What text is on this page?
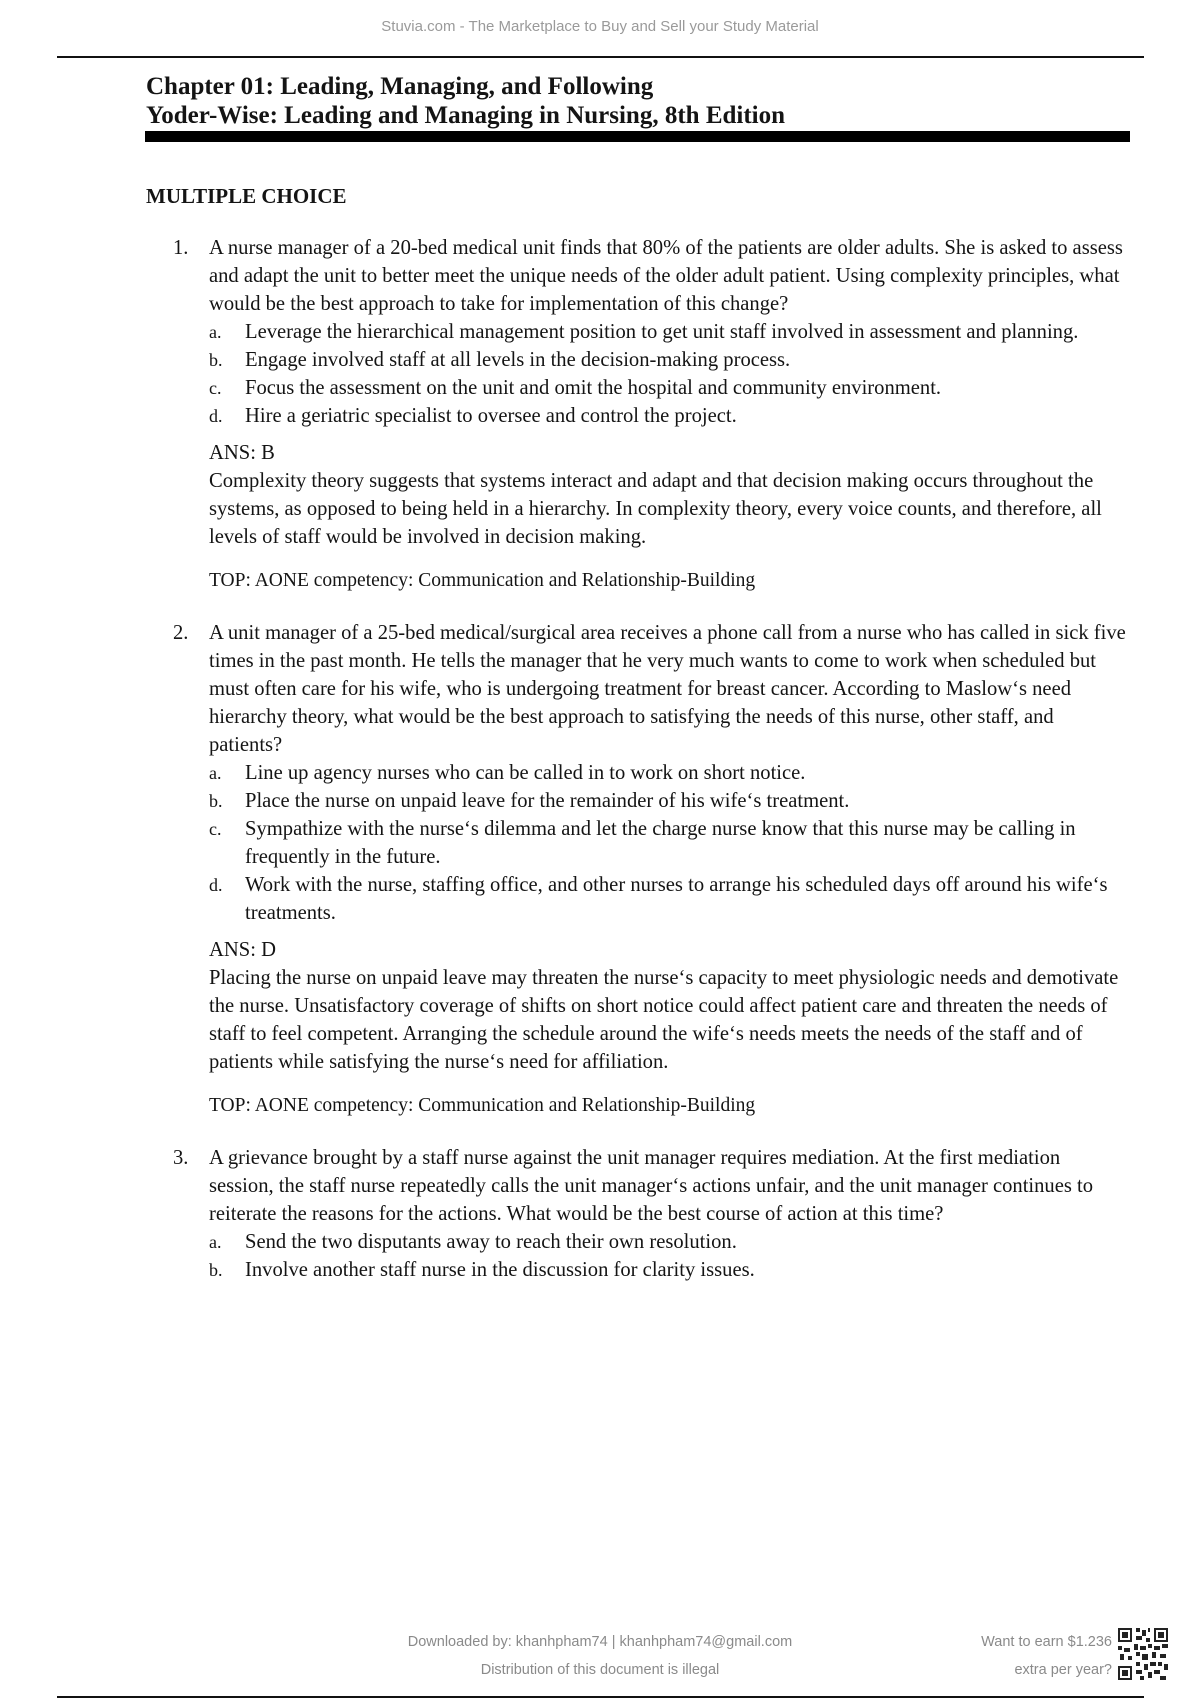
Stuvia.com - The Marketplace to Buy and Sell your Study Material
Chapter 01: Leading, Managing, and Following
Yoder-Wise: Leading and Managing in Nursing, 8th Edition
MULTIPLE CHOICE
1. A nurse manager of a 20-bed medical unit finds that 80% of the patients are older adults. She is asked to assess and adapt the unit to better meet the unique needs of the older adult patient. Using complexity principles, what would be the best approach to take for implementation of this change?

a. Leverage the hierarchical management position to get unit staff involved in assessment and planning.
b. Engage involved staff at all levels in the decision-making process.
c. Focus the assessment on the unit and omit the hospital and community environment.
d. Hire a geriatric specialist to oversee and control the project.

ANS: B

Complexity theory suggests that systems interact and adapt and that decision making occurs throughout the systems, as opposed to being held in a hierarchy. In complexity theory, every voice counts, and therefore, all levels of staff would be involved in decision making.

TOP: AONE competency: Communication and Relationship-Building
2. A unit manager of a 25-bed medical/surgical area receives a phone call from a nurse who has called in sick five times in the past month. He tells the manager that he very much wants to come to work when scheduled but must often care for his wife, who is undergoing treatment for breast cancer. According to Maslow‘s need hierarchy theory, what would be the best approach to satisfying the needs of this nurse, other staff, and patients?

a. Line up agency nurses who can be called in to work on short notice.
b. Place the nurse on unpaid leave for the remainder of his wife‘s treatment.
c. Sympathize with the nurse‘s dilemma and let the charge nurse know that this nurse may be calling in frequently in the future.
d. Work with the nurse, staffing office, and other nurses to arrange his scheduled days off around his wife‘s treatments.

ANS: D

Placing the nurse on unpaid leave may threaten the nurse‘s capacity to meet physiologic needs and demotivate the nurse. Unsatisfactory coverage of shifts on short notice could affect patient care and threaten the needs of staff to feel competent. Arranging the schedule around the wife‘s needs meets the needs of the staff and of patients while satisfying the nurse‘s need for affiliation.

TOP: AONE competency: Communication and Relationship-Building
3. A grievance brought by a staff nurse against the unit manager requires mediation. At the first mediation session, the staff nurse repeatedly calls the unit manager‘s actions unfair, and the unit manager continues to reiterate the reasons for the actions. What would be the best course of action at this time?

a. Send the two disputants away to reach their own resolution.
b. Involve another staff nurse in the discussion for clarity issues.
Downloaded by: khanhpham74 | khanhpham74@gmail.com
Distribution of this document is illegal
Want to earn $1.236
extra per year?
